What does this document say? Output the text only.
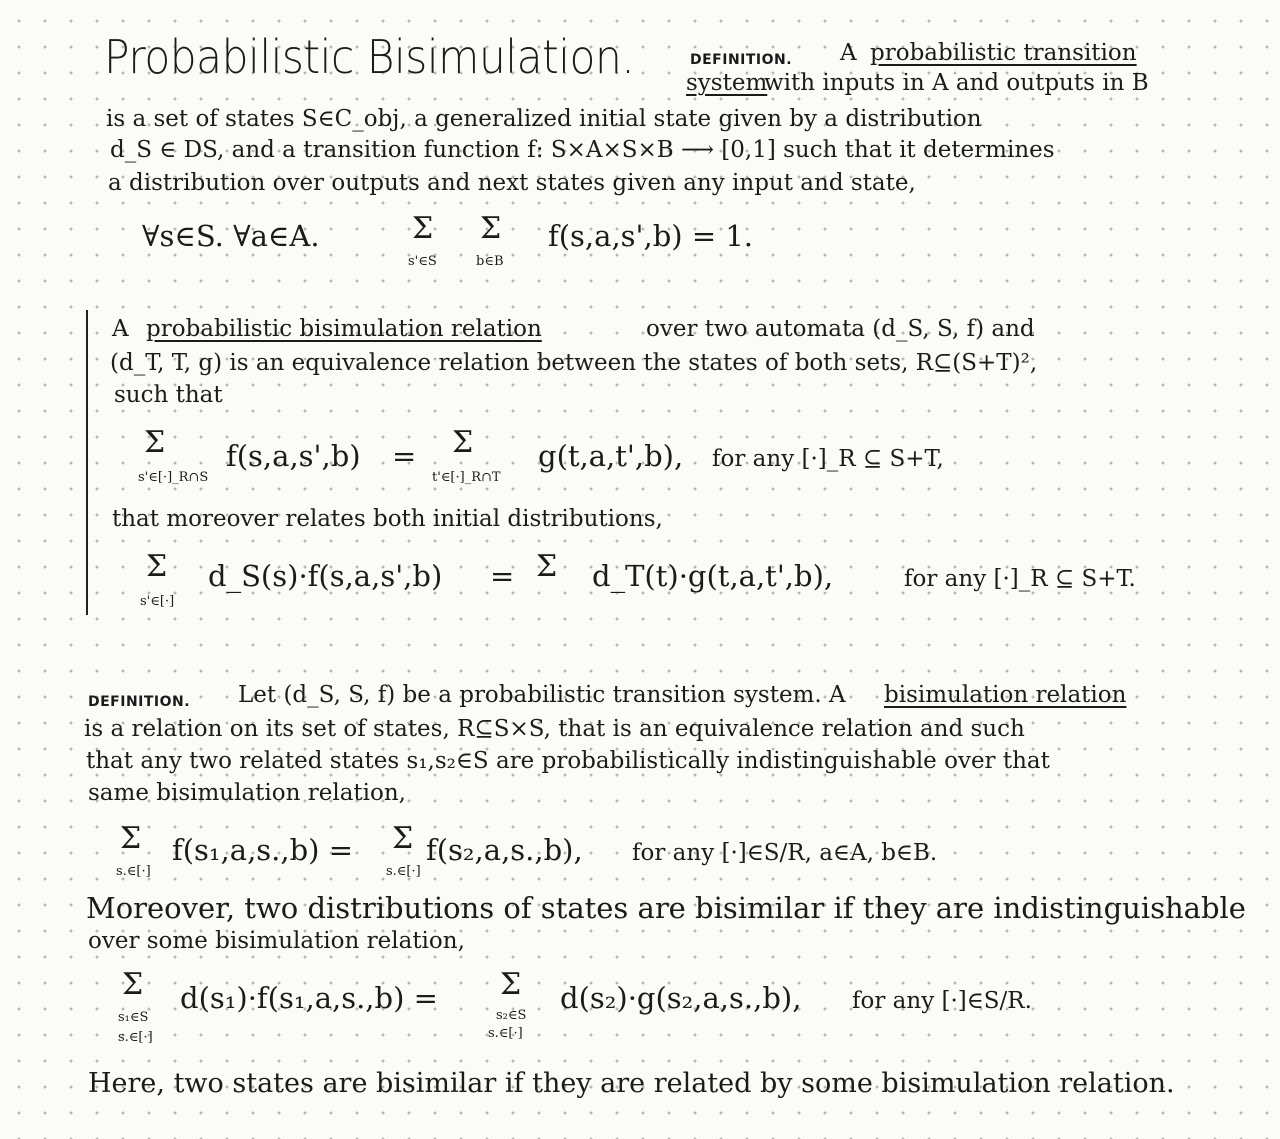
Probabilistic Bisimulation.	DEFINITION. A probabilistic transition
system
with inputs in A and outputs in B
is a set of states S∈C_obj, a generalized initial state given by a distribution
d_S ∈ DS, and a transition function f: S×A×S×B ⟶ [0,1] such that it determines
a distribution over outputs and next states given any input and state,
∀s∈S. ∀a∈A.	Σ
s'∈S
Σ
b∈B
f(s,a,s',b) = 1.
A probabilistic bisimulation relation	over two automata (d_S, S, f) and
(d_T, T, g) is an equivalence relation between the states of both sets, R⊆(S+T)²,
such that
Σ
s'∈[·]_R∩S
f(s,a,s',b) = Σ
t'∈[·]_R∩T
g(t,a,t',b), for any [·]_R ⊆ S+T,
that moreover relates both initial distributions,
Σ
s'∈[·]
d_S(s)·f(s,a,s',b) = Σ d_T(t)·g(t,a,t',b),	for any [·]_R ⊆ S+T.
DEFINITION. Let (d_S, S, f) be a probabilistic transition system. A bisimulation relation
is a relation on its set of states, R⊆S×S, that is an equivalence relation and such
that any two related states s₁,s₂∈S are probabilistically indistinguishable over that
same bisimulation relation,
Σ
s.∈[·]
f(s₁,a,s.,b) = Σ
s.∈[·]
f(s₂,a,s.,b), for any [·]∈S/R, a∈A, b∈B.
Moreover, two distributions of states are bisimilar if they are indistinguishable
over some bisimulation relation,
Σ
s₁∈S
s.∈[·]
d(s₁)·f(s₁,a,s.,b) = Σ
s₂∈S
s.∈[·]
d(s₂)·g(s₂,a,s.,b), for any [·]∈S/R.
Here, two states are bisimilar if they are related by some bisimulation relation.
